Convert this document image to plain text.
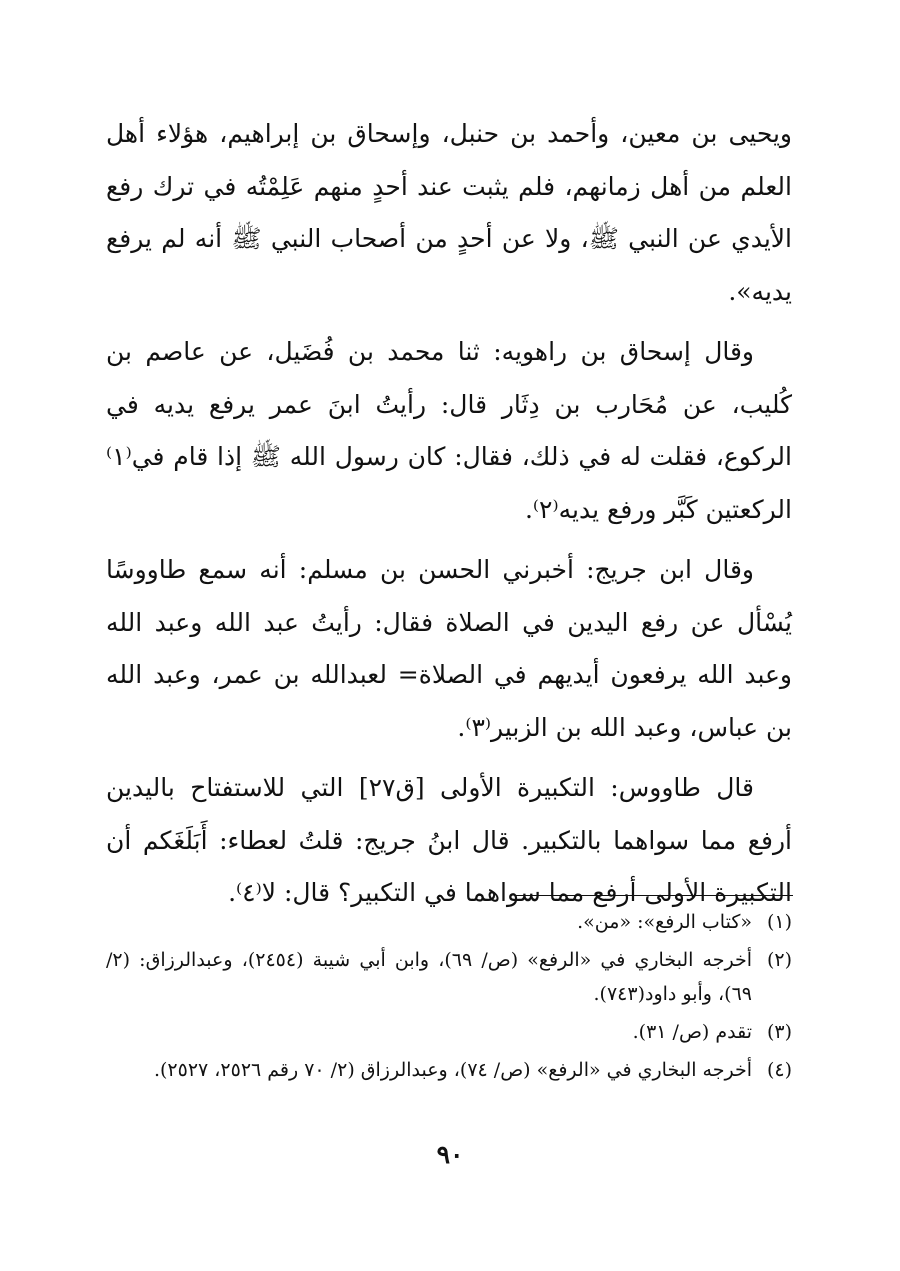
ويحيى بن معين، وأحمد بن حنبل، وإسحاق بن إبراهيم، هؤلاء أهل العلم من أهل زمانهم، فلم يثبت عند أحدٍ منهم عَلِمْتُه في ترك رفع الأيدي عن النبي ﷺ، ولا عن أحدٍ من أصحاب النبي ﷺ أنه لم يرفع يديه».

وقال إسحاق بن راهويه: ثنا محمد بن فُضَيل، عن عاصم بن كُليب، عن مُحَارب بن دِثَار قال: رأيتُ ابنَ عمر يرفع يديه في الركوع، فقلت له في ذلك، فقال: كان رسول الله ﷺ إذا قام في⁽١⁾ الركعتين كَبَّر ورفع يديه⁽٢⁾.

وقال ابن جريج: أخبرني الحسن بن مسلم: أنه سمع طاووسًا يُسْأل عن رفع اليدين في الصلاة فقال: رأيتُ عبد الله وعبد الله وعبد الله يرفعون أيديهم في الصلاة= لعبدالله بن عمر، وعبد الله بن عباس، وعبد الله بن الزبير⁽٣⁾.

قال طاووس: التكبيرة الأولى [ق٢٧] التي للاستفتاح باليدين أرفع مما سواهما بالتكبير. قال ابنُ جريج: قلتُ لعطاء: أَبَلَغَكم أن التكبيرة الأولى أرفع مما سواهما في التكبير؟ قال: لا⁽٤⁾.

(١)
«كتاب الرفع»: «من».
(٢)
أخرجه البخاري في «الرفع» (ص/ ٦٩)، وابن أبي شيبة (٢٤٥٤)، وعبدالرزاق: (٢/ ٦٩)، وأبو داود(٧٤٣).
(٣)
تقدم (ص/ ٣١).
(٤)
أخرجه البخاري في «الرفع» (ص/ ٧٤)، وعبدالرزاق (٢/ ٧٠ رقم ٢٥٢٦، ٢٥٢٧).
٩٠
